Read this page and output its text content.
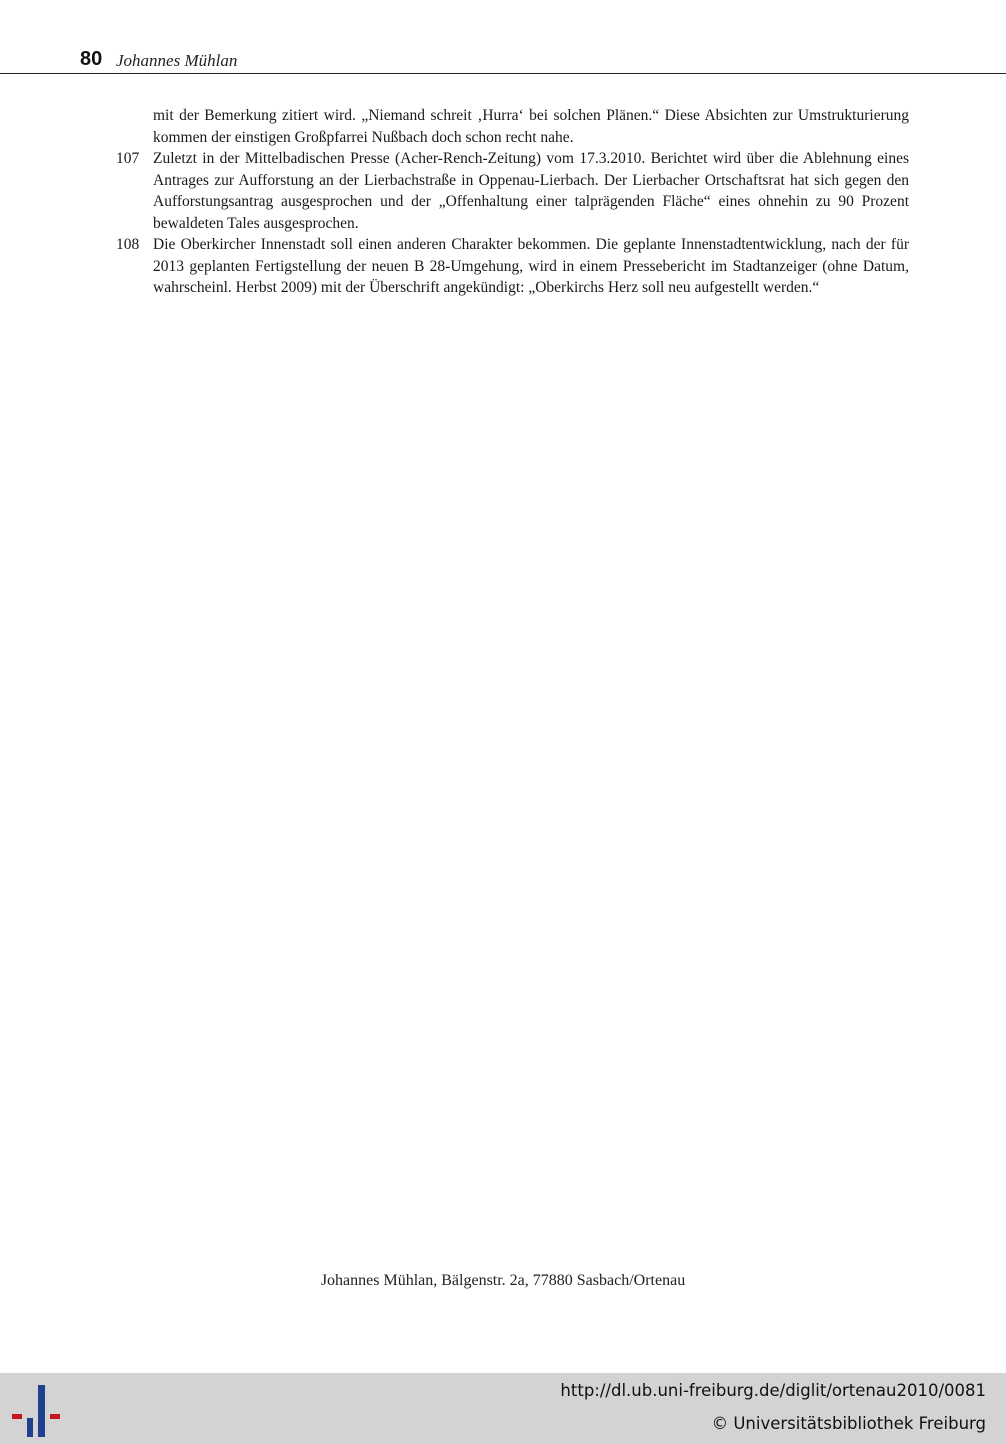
80 Johannes Mühlan
mit der Bemerkung zitiert wird. „Niemand schreit ‚Hurra‘ bei solchen Plänen.“ Diese Absichten zur Umstrukturierung kommen der einstigen Großpfarrei Nußbach doch schon recht nahe.
107 Zuletzt in der Mittelbadischen Presse (Acher-Rench-Zeitung) vom 17.3.2010. Berichtet wird über die Ablehnung eines Antrages zur Aufforstung an der Lierbachstraße in Oppenau-Lierbach. Der Lierbacher Ortschaftsrat hat sich gegen den Aufforstungsantrag ausgesprochen und der „Offenhaltung einer talprägenden Fläche“ eines ohnehin zu 90 Prozent bewaldeten Tales ausgesprochen.
108 Die Oberkircher Innenstadt soll einen anderen Charakter bekommen. Die geplante Innenstadtentwicklung, nach der für 2013 geplanten Fertigstellung der neuen B 28-Umgehung, wird in einem Pressebericht im Stadtanzeiger (ohne Datum, wahrscheinl. Herbst 2009) mit der Überschrift angekündigt: „Oberkirchs Herz soll neu aufgestellt werden.“
Johannes Mühlan, Bälgenstr. 2a, 77880 Sasbach/Ortenau
http://dl.ub.uni-freiburg.de/diglit/ortenau2010/0081
© Universitätsbibliothek Freiburg
